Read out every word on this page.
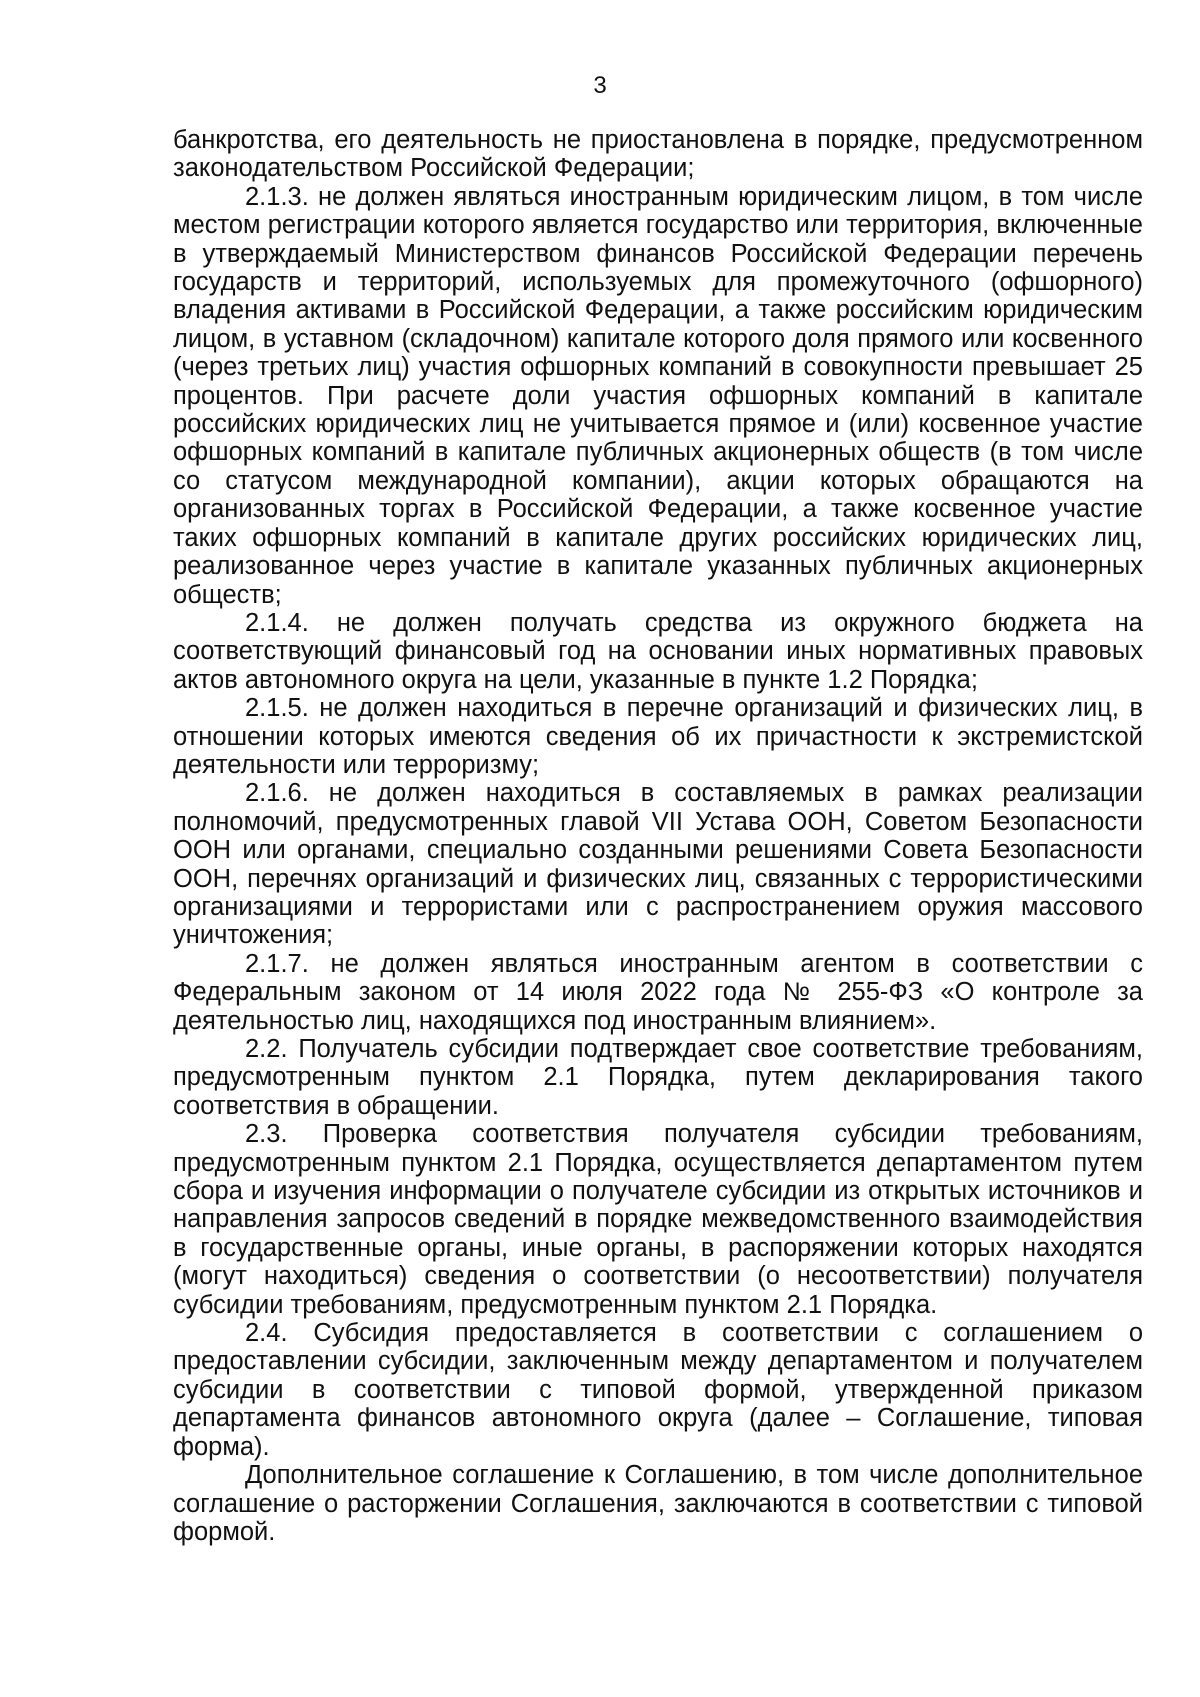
3

банкротства, его деятельность не приостановлена в порядке, предусмотренном законодательством Российской Федерации;

2.1.3. не должен являться иностранным юридическим лицом, в том числе местом регистрации которого является государство или территория, включенные в утверждаемый Министерством финансов Российской Федерации перечень государств и территорий, используемых для промежуточного (офшорного) владения активами в Российской Федерации, а также российским юридическим лицом, в уставном (складочном) капитале которого доля прямого или косвенного (через третьих лиц) участия офшорных компаний в совокупности превышает 25 процентов. При расчете доли участия офшорных компаний в капитале российских юридических лиц не учитывается прямое и (или) косвенное участие офшорных компаний в капитале публичных акционерных обществ (в том числе со статусом международной компании), акции которых обращаются на организованных торгах в Российской Федерации, а также косвенное участие таких офшорных компаний в капитале других российских юридических лиц, реализованное через участие в капитале указанных публичных акционерных обществ;

2.1.4. не должен получать средства из окружного бюджета на соответствующий финансовый год на основании иных нормативных правовых актов автономного округа на цели, указанные в пункте 1.2 Порядка;

2.1.5. не должен находиться в перечне организаций и физических лиц, в отношении которых имеются сведения об их причастности к экстремистской деятельности или терроризму;

2.1.6. не должен находиться в составляемых в рамках реализации полномочий, предусмотренных главой VII Устава ООН, Советом Безопасности ООН или органами, специально созданными решениями Совета Безопасности ООН, перечнях организаций и физических лиц, связанных с террористическими организациями и террористами или с распространением оружия массового уничтожения;

2.1.7. не должен являться иностранным агентом в соответствии с Федеральным законом от 14 июля 2022 года № 255-ФЗ «О контроле за деятельностью лиц, находящихся под иностранным влиянием».

2.2. Получатель субсидии подтверждает свое соответствие требованиям, предусмотренным пунктом 2.1 Порядка, путем декларирования такого соответствия в обращении.

2.3. Проверка соответствия получателя субсидии требованиям, предусмотренным пунктом 2.1 Порядка, осуществляется департаментом путем сбора и изучения информации о получателе субсидии из открытых источников и направления запросов сведений в порядке межведомственного взаимодействия в государственные органы, иные органы, в распоряжении которых находятся (могут находиться) сведения о соответствии (о несоответствии) получателя субсидии требованиям, предусмотренным пунктом 2.1 Порядка.

2.4. Субсидия предоставляется в соответствии с соглашением о предоставлении субсидии, заключенным между департаментом и получателем субсидии в соответствии с типовой формой, утвержденной приказом департамента финансов автономного округа (далее – Соглашение, типовая форма).

Дополнительное соглашение к Соглашению, в том числе дополнительное соглашение о расторжении Соглашения, заключаются в соответствии с типовой формой.
